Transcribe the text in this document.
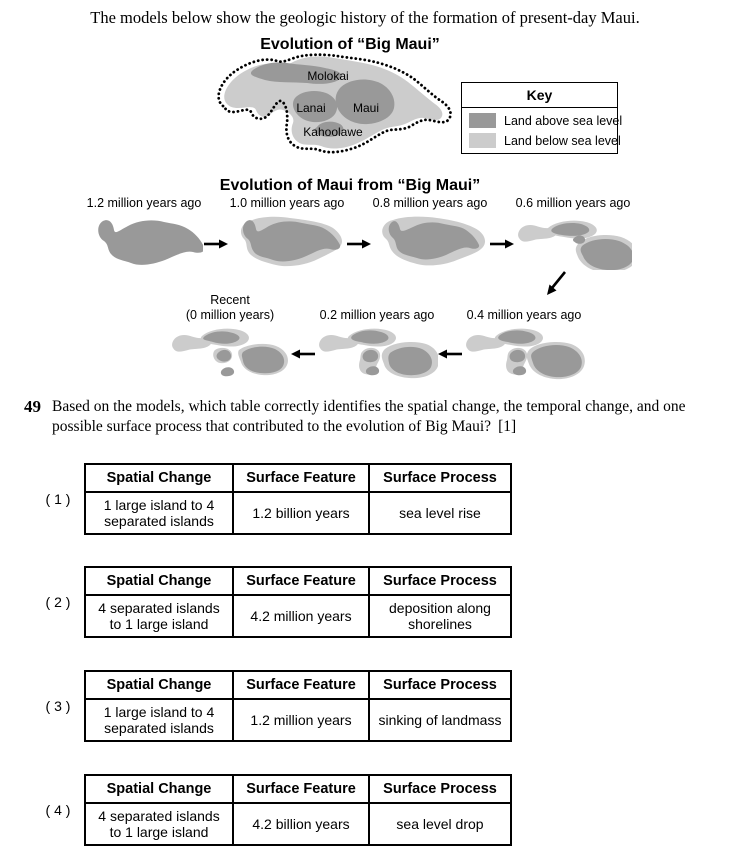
The models below show the geologic history of the formation of present-day Maui.
Evolution of “Big Maui”
Molokai
Lanai Maui
Kahoolawe
Key
Land above sea level
Land below sea level
Evolution of Maui from “Big Maui”
1.2 million years ago 1.0 million years ago 0.8 million years ago 0.6 million years ago
Recent
(0 million years)	0.2 million years ago	0.4 million years ago
49 Based on the models, which table correctly identifies the spatial change, the temporal change, and one possible surface process that contributed to the evolution of Big Maui? [1]
( 1 )
Spatial Change	Surface Feature	Surface Process
1 large island to 4 separated islands	1.2 billion years	sea level rise
( 2 )
Spatial Change	Surface Feature	Surface Process
4 separated islands to 1 large island	4.2 million years	deposition along shorelines
( 3 )
Spatial Change	Surface Feature	Surface Process
1 large island to 4 separated islands	1.2 million years	sinking of landmass
( 4 )
Spatial Change	Surface Feature	Surface Process
4 separated islands to 1 large island	4.2 billion years	sea level drop
